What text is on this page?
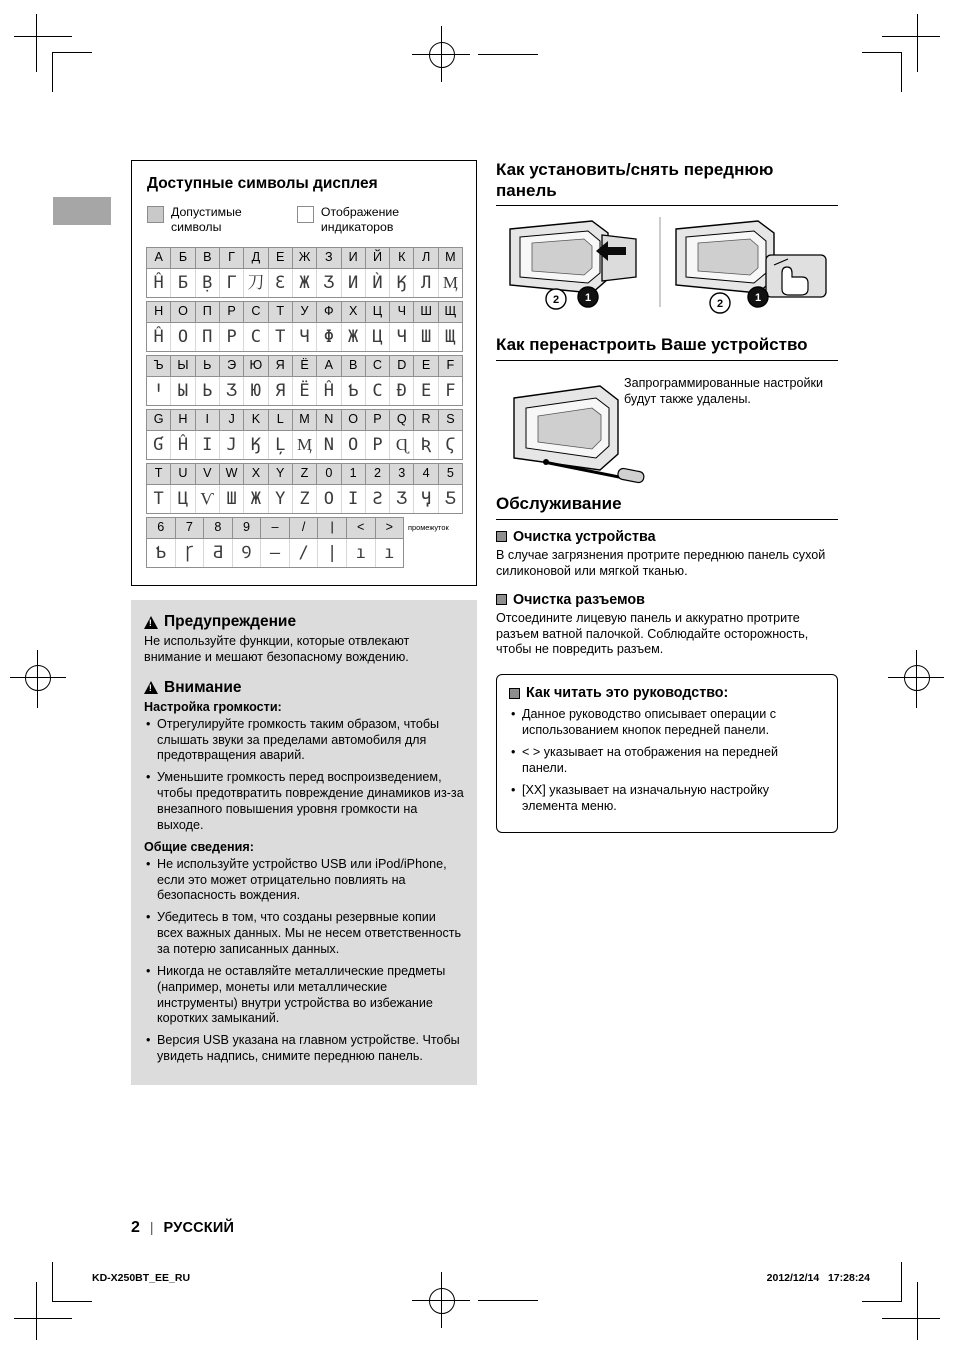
Доступные символы дисплея
Допустимые символы
Отображение индикаторов
А	Б	В	Г	Д	Е	Ж	З	И	Й	К	Л	М
Ĥ Ƃ Ḅ Γ 刀 Ɛ Ж Ʒ И Ѝ Ӄ Л Ӎ
Н	О	П	Р	С	Т	У	Ф	Х	Ц	Ч	Ш	Щ
Ĥ Ο П Ρ Ϲ Τ Ч Φ Ж Ц Ч Ш Щ
Ъ	Ы	Ь	Э	Ю	Я	Ё	A	B	C	D	E	F
Ꞌ Ы Ь Ʒ Ю Я Ë Ĥ Ƅ Ϲ Ɖ Ε Ϝ
G	H	I	J	K	L	M	N	O	P	Q	R	S
Ɠ Ĥ Ι Ј Ӄ Ļ Ӎ Ν Ο Ρ Ɋ Ʀ Ϛ
T	U	V	W	X	Y	Z	0	1	2	3	4	5
Τ Ц Ѵ Ш Ж Ү Ζ Ο Ι Ƨ Ʒ Ӌ Ƽ
6	7	8	9	–	/	|	<	>
Ƅ	Ꞅ	Ƌ	Ꝯ	–	/	|	ı	ı
промежуток
!
Предупреждение

Не используйте функции, которые отвлекают внимание и мешают безопасному вождению.

!
Внимание
Настройка громкости:
• Отрегулируйте громкость таким образом, чтобы слышать звуки за пределами автомобиля для предотвращения аварий.
• Уменьшите громкость перед воспроизведением, чтобы предотвратить повреждение динамиков из-за внезапного повышения уровня громкости на выходе.
Общие сведения:
• Не используйте устройство USB или iPod/iPhone, если это может отрицательно повлиять на безопасность вождения.
• Убедитесь в том, что созданы резервные копии всех важных данных. Мы не несем ответственность за потерю записанных данных.
• Никогда не оставляйте металлические предметы (например, монеты или металлические инструменты) внутри устройства во избежание коротких замыканий.
• Версия USB указана на главном устройстве. Чтобы увидеть надпись, снимите переднюю панель.
Как установить/снять переднюю панель
2 1	2	1
Как перенастроить Ваше устройство
Запрограммированные настройки будут также удалены.
Обслуживание
Очистка устройства

В случае загрязнения протрите переднюю панель сухой силиконовой или мягкой тканью.

Очистка разъемов

Отсоедините лицевую панель и аккуратно протрите разъем ватной палочкой. Соблюдайте осторожность, чтобы не повредить разъем.

Как читать это руководство:
• Данное руководство описывает операции с использованием кнопок передней панели.
• < > указывает на отображения на передней панели.
• [XX] указывает на изначальную настройку элемента меню.
2 | РУССКИЙ
KD-X250BT_EE_RU	2012/12/14   17:28:24
